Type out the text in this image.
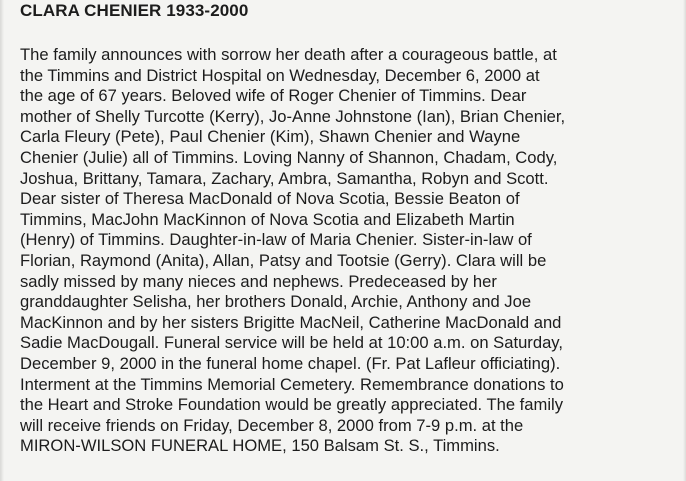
CLARA CHENIER 1933-2000

The family announces with sorrow her death after a courageous battle, at
the Timmins and District Hospital on Wednesday, December 6, 2000 at
the age of 67 years. Beloved wife of Roger Chenier of Timmins. Dear
mother of Shelly Turcotte (Kerry), Jo-Anne Johnstone (Ian), Brian Chenier,
Carla Fleury (Pete), Paul Chenier (Kim), Shawn Chenier and Wayne
Chenier (Julie) all of Timmins. Loving Nanny of Shannon, Chadam, Cody,
Joshua, Brittany, Tamara, Zachary, Ambra, Samantha, Robyn and Scott.
Dear sister of Theresa MacDonald of Nova Scotia, Bessie Beaton of
Timmins, MacJohn MacKinnon of Nova Scotia and Elizabeth Martin
(Henry) of Timmins. Daughter-in-law of Maria Chenier. Sister-in-law of
Florian, Raymond (Anita), Allan, Patsy and Tootsie (Gerry). Clara will be
sadly missed by many nieces and nephews. Predeceased by her
granddaughter Selisha, her brothers Donald, Archie, Anthony and Joe
MacKinnon and by her sisters Brigitte MacNeil, Catherine MacDonald and
Sadie MacDougall. Funeral service will be held at 10:00 a.m. on Saturday,
December 9, 2000 in the funeral home chapel. (Fr. Pat Lafleur officiating).
Interment at the Timmins Memorial Cemetery. Remembrance donations to
the Heart and Stroke Foundation would be greatly appreciated. The family
will receive friends on Friday, December 8, 2000 from 7-9 p.m. at the
MIRON-WILSON FUNERAL HOME, 150 Balsam St. S., Timmins.
